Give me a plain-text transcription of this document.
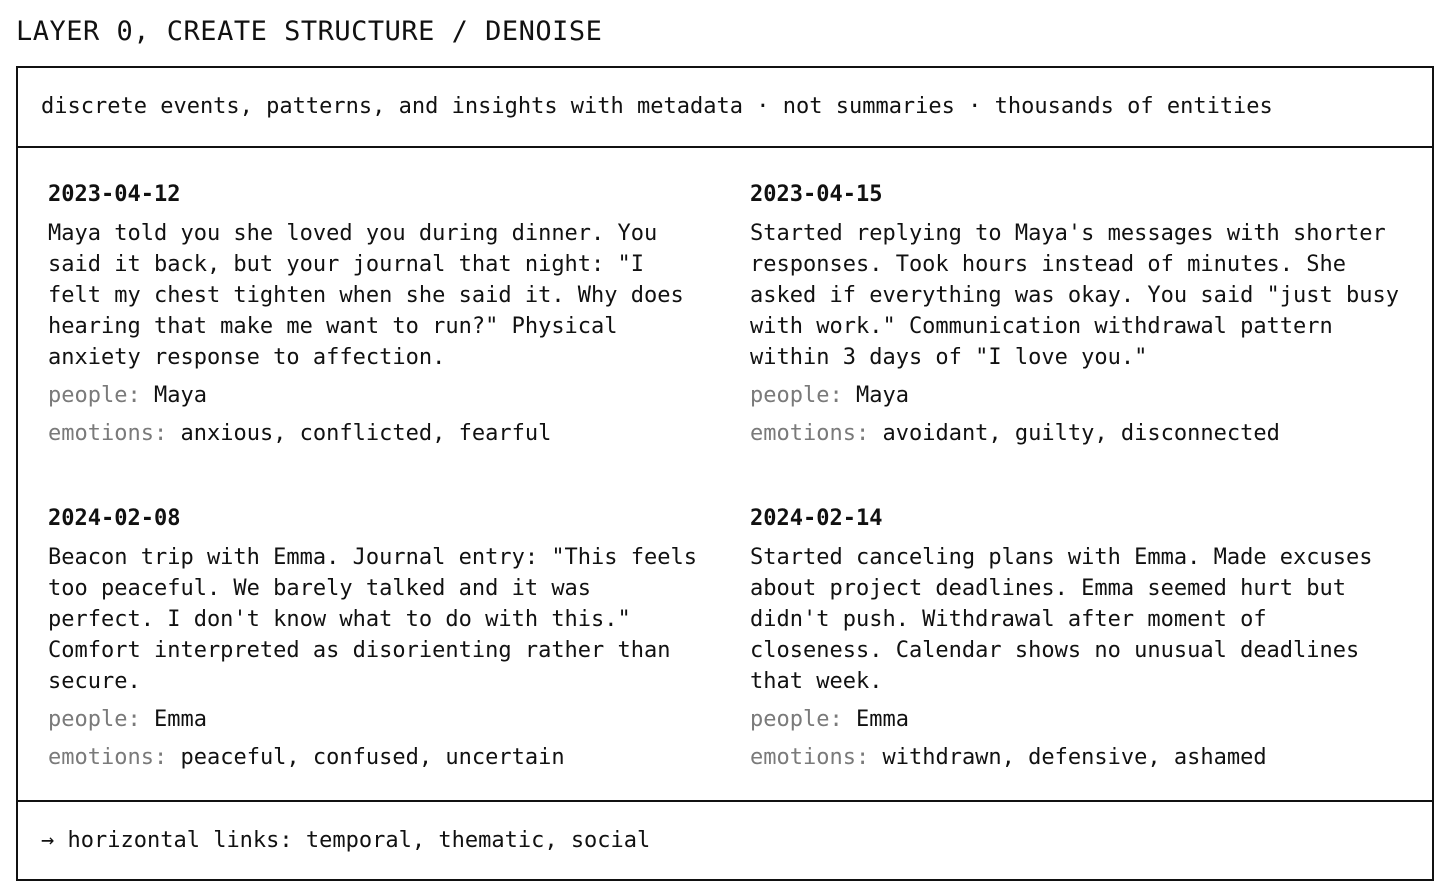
LAYER 0, CREATE STRUCTURE / DENOISE
discrete events, patterns, and insights with metadata · not summaries · thousands of entities
2023-04-12

Maya told you she loved you during dinner. You said it back, but your journal that night: "I felt my chest tighten when she said it. Why does hearing that make me want to run?" Physical anxiety response to affection.

people: Maya
emotions: anxious, conflicted, fearful
2023-04-15

Started replying to Maya's messages with shorter responses. Took hours instead of minutes. She asked if everything was okay. You said "just busy with work." Communication withdrawal pattern within 3 days of "I love you."

people: Maya
emotions: avoidant, guilty, disconnected
2024-02-08

Beacon trip with Emma. Journal entry: "This feels too peaceful. We barely talked and it was perfect. I don't know what to do with this." Comfort interpreted as disorienting rather than secure.

people: Emma
emotions: peaceful, confused, uncertain
2024-02-14

Started canceling plans with Emma. Made excuses about project deadlines. Emma seemed hurt but didn't push. Withdrawal after moment of closeness. Calendar shows no unusual deadlines that week.

people: Emma
emotions: withdrawn, defensive, ashamed
→ horizontal links: temporal, thematic, social
